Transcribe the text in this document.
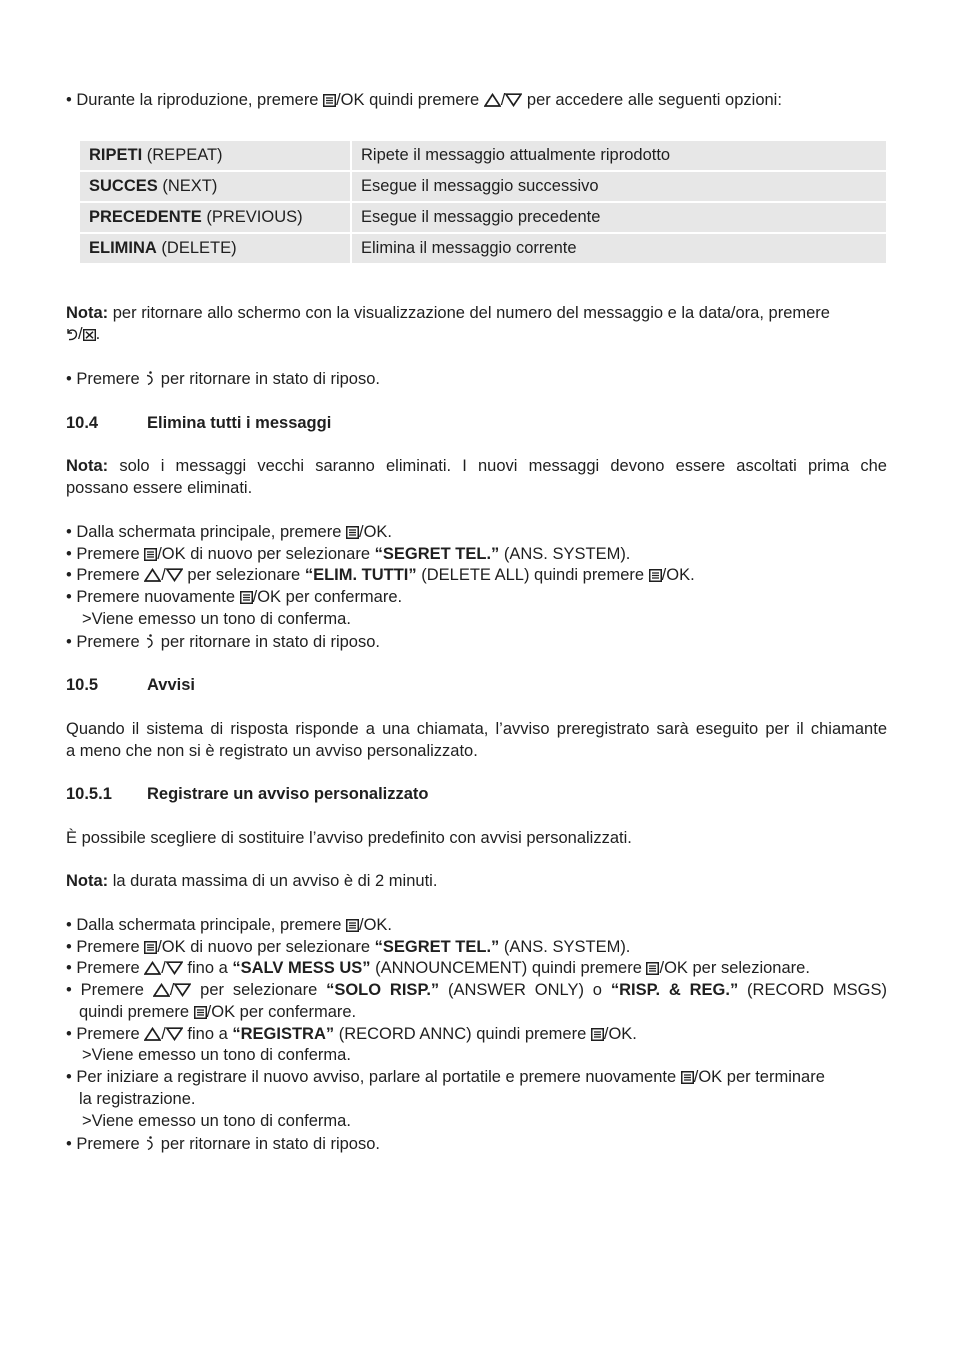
• Durante la riproduzione, premere
/OK quindi premere
/
per accedere alle seguenti opzioni:
RIPETI (REPEAT)	Ripete il messaggio attualmente riprodotto
SUCCES (NEXT)	Esegue il messaggio successivo
PRECEDENTE (PREVIOUS)	Esegue il messaggio precedente
ELIMINA (DELETE)	Elimina il messaggio corrente
Nota: per ritornare allo schermo con la visualizzazione del numero del messaggio e la data/ora, premere
/ .
• Premere
per ritornare in stato di riposo.
10.4	Elimina tutti i messaggi
Nota: solo i messaggi vecchi saranno eliminati. I nuovi messaggi devono essere ascoltati prima che
possano essere eliminati.
• Dalla schermata principale, premere
/OK.
• Premere
/OK di nuovo per selezionare “SEGRET TEL.” (ANS. SYSTEM).
• Premere
/
per selezionare “ELIM. TUTTI” (DELETE ALL) quindi premere
/OK.
• Premere nuovamente
/OK per confermare.
>Viene emesso un tono di conferma.
• Premere
per ritornare in stato di riposo.
10.5	Avvisi
Quando il sistema di risposta risponde a una chiamata, l’avviso preregistrato sarà eseguito per il chiamante
a meno che non si è registrato un avviso personalizzato.
10.5.1 Registrare un avviso personalizzato
È possibile scegliere di sostituire l’avviso predefinito con avvisi personalizzati.
Nota: la durata massima di un avviso è di 2 minuti.
• Dalla schermata principale, premere
/OK.
• Premere
/OK di nuovo per selezionare “SEGRET TEL.” (ANS. SYSTEM).
• Premere
/
fino a “SALV MESS US” (ANNOUNCEMENT) quindi premere
/OK per selezionare.
• Premere
/
per selezionare “SOLO RISP.” (ANSWER ONLY) o “RISP. & REG.” (RECORD MSGS)
quindi premere
/OK per confermare.
• Premere
/
fino a “REGISTRA” (RECORD ANNC) quindi premere
/OK.
>Viene emesso un tono di conferma.
• Per iniziare a registrare il nuovo avviso, parlare al portatile e premere nuovamente
/OK per terminare
la registrazione.
>Viene emesso un tono di conferma.
• Premere
per ritornare in stato di riposo.
